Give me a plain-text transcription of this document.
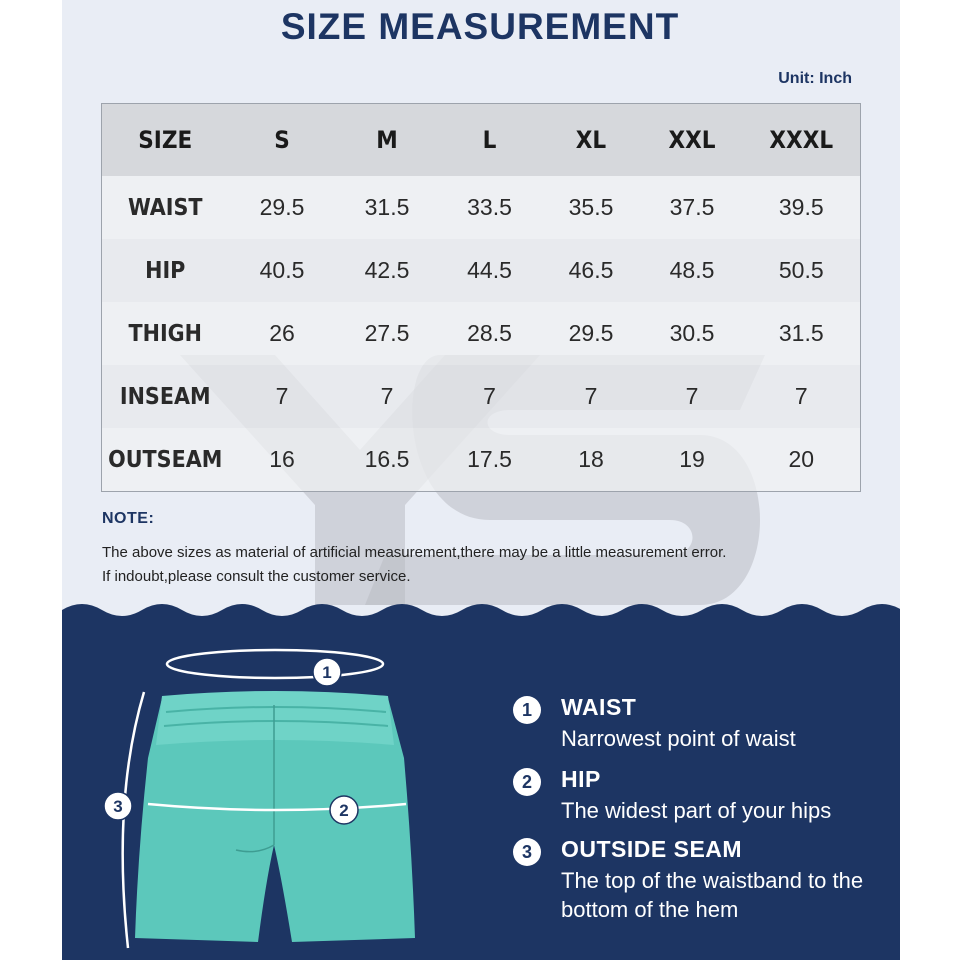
SIZE MEASUREMENT
Unit: Inch
SIZE	S	M	L	XL	XXL	XXXL
WAIST	29.5	31.5	33.5	35.5	37.5	39.5
HIP	40.5	42.5	44.5	46.5	48.5	50.5
THIGH	26	27.5	28.5	29.5	30.5	31.5
INSEAM	7	7	7	7	7	7
OUTSEAM	16	16.5	17.5	18	19	20
NOTE:
The above sizes as material of artificial measurement,there may be a little measurement error.
If indoubt,please consult the customer service.
1
2
3
1	WAIST
Narrowest point of waist
2	HIP
The widest part of your hips
3	OUTSIDE SEAM
The top of the waistband to the bottom of the hem
